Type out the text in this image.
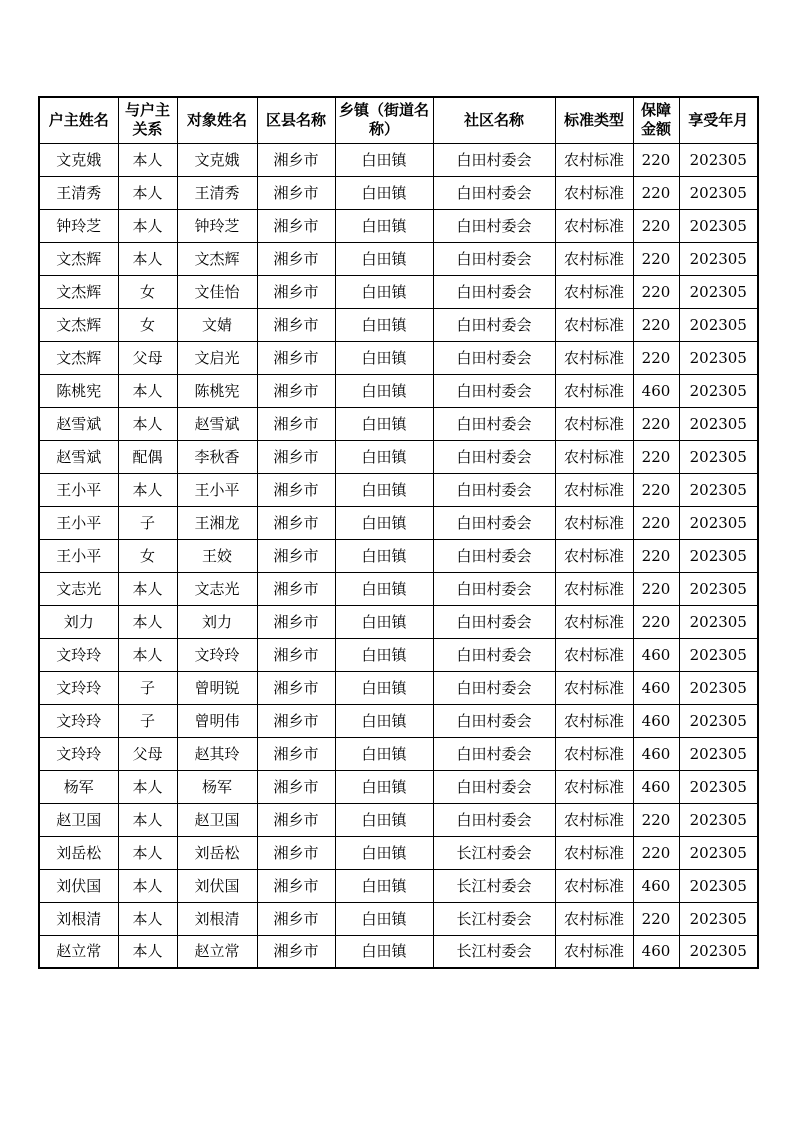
户主姓名	与户主关系	对象姓名	区县名称	乡镇（街道名称）	社区名称	标准类型	保障金额	享受年月
文克娥	本人	文克娥	湘乡市	白田镇	白田村委会	农村标准	220	202305
王清秀	本人	王清秀	湘乡市	白田镇	白田村委会	农村标准	220	202305
钟玲芝	本人	钟玲芝	湘乡市	白田镇	白田村委会	农村标准	220	202305
文杰辉	本人	文杰辉	湘乡市	白田镇	白田村委会	农村标准	220	202305
文杰辉	女	文佳怡	湘乡市	白田镇	白田村委会	农村标准	220	202305
文杰辉	女	文婧	湘乡市	白田镇	白田村委会	农村标准	220	202305
文杰辉	父母	文启光	湘乡市	白田镇	白田村委会	农村标准	220	202305
陈桃宪	本人	陈桃宪	湘乡市	白田镇	白田村委会	农村标准	460	202305
赵雪斌	本人	赵雪斌	湘乡市	白田镇	白田村委会	农村标准	220	202305
赵雪斌	配偶	李秋香	湘乡市	白田镇	白田村委会	农村标准	220	202305
王小平	本人	王小平	湘乡市	白田镇	白田村委会	农村标准	220	202305
王小平	子	王湘龙	湘乡市	白田镇	白田村委会	农村标准	220	202305
王小平	女	王姣	湘乡市	白田镇	白田村委会	农村标准	220	202305
文志光	本人	文志光	湘乡市	白田镇	白田村委会	农村标准	220	202305
刘力	本人	刘力	湘乡市	白田镇	白田村委会	农村标准	220	202305
文玲玲	本人	文玲玲	湘乡市	白田镇	白田村委会	农村标准	460	202305
文玲玲	子	曾明锐	湘乡市	白田镇	白田村委会	农村标准	460	202305
文玲玲	子	曾明伟	湘乡市	白田镇	白田村委会	农村标准	460	202305
文玲玲	父母	赵其玲	湘乡市	白田镇	白田村委会	农村标准	460	202305
杨军	本人	杨军	湘乡市	白田镇	白田村委会	农村标准	460	202305
赵卫国	本人	赵卫国	湘乡市	白田镇	白田村委会	农村标准	220	202305
刘岳松	本人	刘岳松	湘乡市	白田镇	长江村委会	农村标准	220	202305
刘伏国	本人	刘伏国	湘乡市	白田镇	长江村委会	农村标准	460	202305
刘根清	本人	刘根清	湘乡市	白田镇	长江村委会	农村标准	220	202305
赵立常	本人	赵立常	湘乡市	白田镇	长江村委会	农村标准	460	202305
